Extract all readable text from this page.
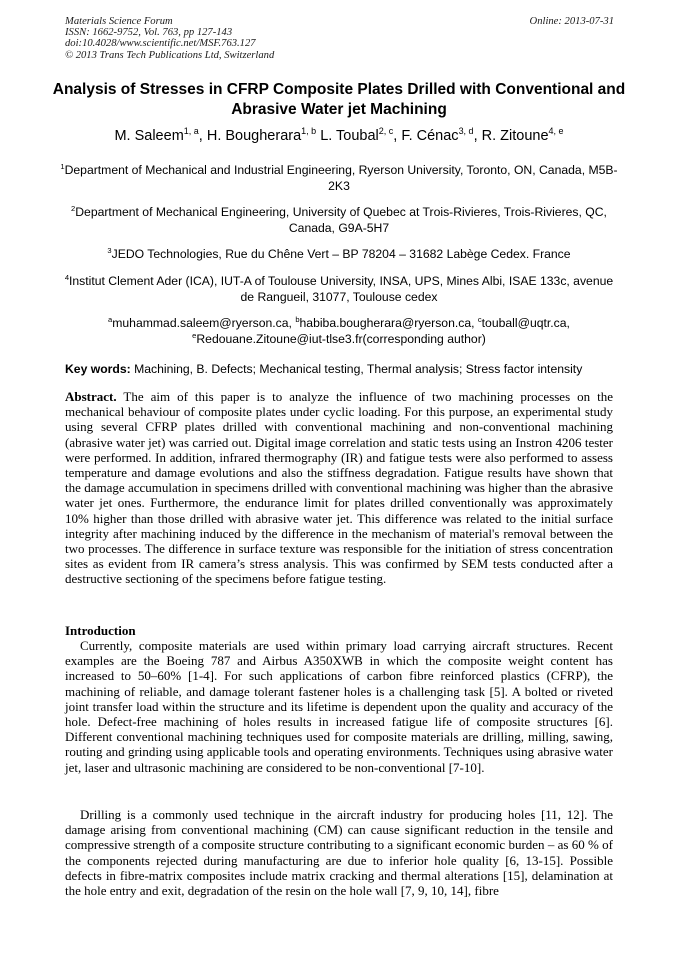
Materials Science Forum
ISSN: 1662-9752, Vol. 763, pp 127-143
doi:10.4028/www.scientific.net/MSF.763.127
© 2013 Trans Tech Publications Ltd, Switzerland
Online: 2013-07-31
Analysis of Stresses in CFRP Composite Plates Drilled with Conventional and Abrasive Water jet Machining
M. Saleem$^{1, a}$, H. Bougherara$^{1, b}$ L. Toubal$^{2, c}$, F. Cénac$^{3, d}$, R. Zitoune$^{4, e}$
$^1$Department of Mechanical and Industrial Engineering, Ryerson University, Toronto, ON, Canada, M5B-2K3
$^2$Department of Mechanical Engineering, University of Quebec at Trois-Rivieres, Trois-Rivieres, QC, Canada, G9A-5H7
$^3$JEDO Technologies, Rue du Chêne Vert – BP 78204 – 31682 Labège Cedex. France
$^4$Institut Clement Ader (ICA), IUT-A of Toulouse University, INSA, UPS, Mines Albi, ISAE 133c, avenue de Rangueil, 31077, Toulouse cedex
$^a$muhammad.saleem@ryerson.ca, $^b$habiba.bougherara@ryerson.ca, $^c$touball@uqtr.ca,
$^e$Redouane.Zitoune@iut-tlse3.fr(corresponding author)
Key words: Machining, B. Defects; Mechanical testing, Thermal analysis; Stress factor intensity

Abstract. The aim of this paper is to analyze the influence of two machining processes on the mechanical behaviour of composite plates under cyclic loading. For this purpose, an experimental study using several CFRP plates drilled with conventional machining and non-conventional machining (abrasive water jet) was carried out. Digital image correlation and static tests using an Instron 4206 tester were performed. In addition, infrared thermography (IR) and fatigue tests were also performed to assess temperature and damage evolutions and also the stiffness degradation. Fatigue results have shown that the damage accumulation in specimens drilled with conventional machining was higher than the abrasive water jet ones. Furthermore, the endurance limit for plates drilled conventionally was approximately 10% higher than those drilled with abrasive water jet. This difference was related to the initial surface integrity after machining induced by the difference in the mechanism of material's removal between the two processes. The difference in surface texture was responsible for the initiation of stress concentration sites as evident from IR camera’s stress analysis. This was confirmed by SEM tests conducted after a destructive sectioning of the specimens before fatigue testing.

Introduction

Currently, composite materials are used within primary load carrying aircraft structures. Recent examples are the Boeing 787 and Airbus A350XWB in which the composite weight content has increased to 50–60% [1-4]. For such applications of carbon fibre reinforced plastics (CFRP), the machining of reliable, and damage tolerant fastener holes is a challenging task [5]. A bolted or riveted joint transfer load within the structure and its lifetime is dependent upon the quality and accuracy of the hole. Defect-free machining of holes results in increased fatigue life of composite structures [6]. Different conventional machining techniques used for composite materials are drilling, milling, sawing, routing and grinding using applicable tools and operating environments. Techniques using abrasive water jet, laser and ultrasonic machining are considered to be non-conventional [7-10].

Drilling is a commonly used technique in the aircraft industry for producing holes [11, 12]. The damage arising from conventional machining (CM) can cause significant reduction in the tensile and compressive strength of a composite structure contributing to a significant economic burden – as 60 % of the components rejected during manufacturing are due to inferior hole quality [6, 13-15]. Possible defects in fibre-matrix composites include matrix cracking and thermal alterations [15], delamination at the hole entry and exit, degradation of the resin on the hole wall [7, 9, 10, 14], fibre
